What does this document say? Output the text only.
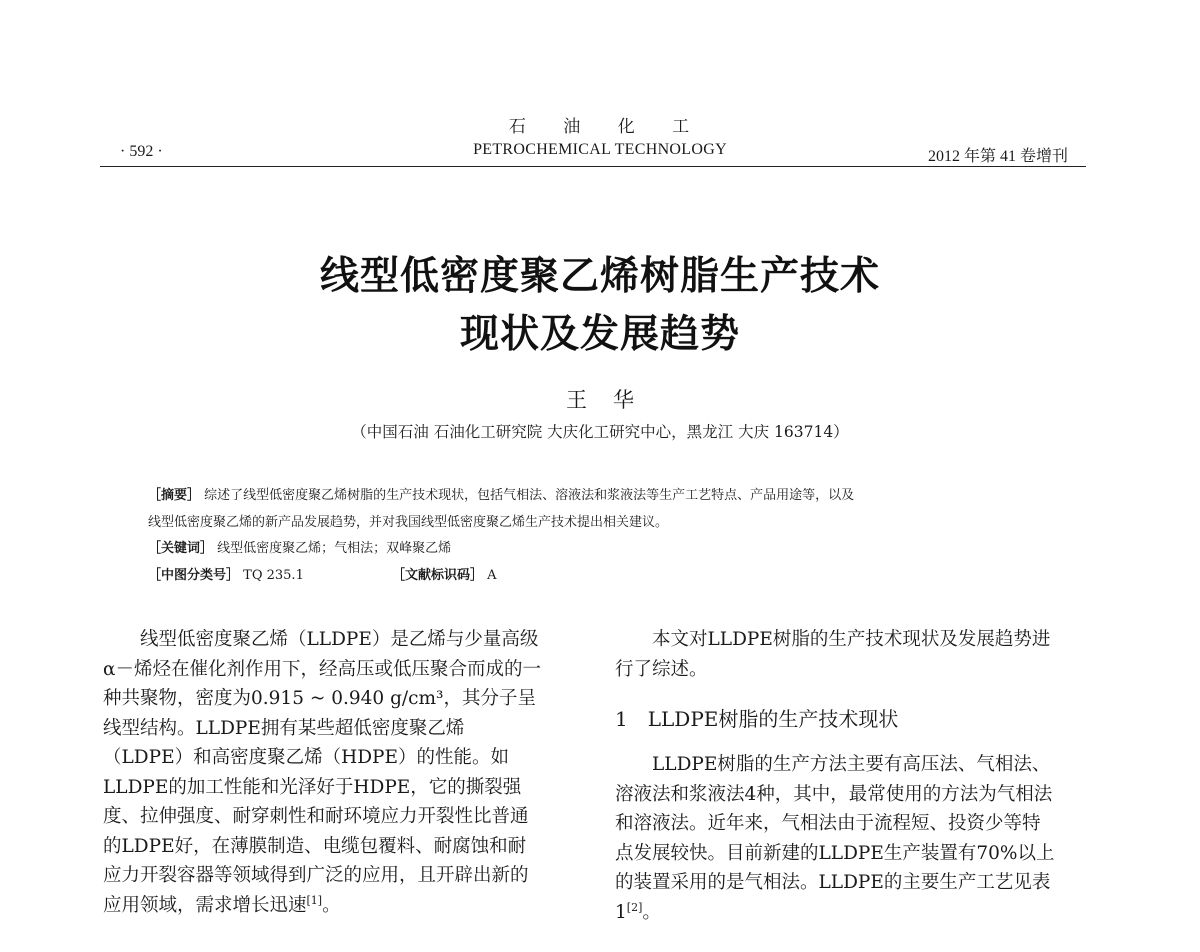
石 油 化 工
PETROCHEMICAL TECHNOLOGY
· 592 ·	2012 年第 41 卷增刊
线型低密度聚乙烯树脂生产技术
现状及发展趋势
王华
（中国石油 石油化工研究院 大庆化工研究中心，黑龙江 大庆 163714）
［摘要］ 综述了线型低密度聚乙烯树脂的生产技术现状，包括气相法、溶液法和浆液法等生产工艺特点、产品用途等，以及
线型低密度聚乙烯的新产品发展趋势，并对我国线型低密度聚乙烯生产技术提出相关建议。
［关键词］ 线型低密度聚乙烯；气相法；双峰聚乙烯
［中图分类号］ TQ 235.1	［文献标识码］ A

线型低密度聚乙烯（LLDPE）是乙烯与少量高级 α－烯烃在催化剂作用下，经高压或低压聚合而成的一种共聚物，密度为0.915 ~ 0.940 g/cm³，其分子呈线型结构。LLDPE拥有某些超低密度聚乙烯（LDPE）和高密度聚乙烯（HDPE）的性能。如LLDPE的加工性能和光泽好于HDPE，它的撕裂强度、拉伸强度、耐穿刺性和耐环境应力开裂性比普通的LDPE好，在薄膜制造、电缆包覆料、耐腐蚀和耐应力开裂容器等领域得到广泛的应用，且开辟出新的应用领域，需求增长迅速[1]。

本文对LLDPE树脂的生产技术现状及发展趋势进行了综述。

1　LLDPE树脂的生产技术现状

LLDPE树脂的生产方法主要有高压法、气相法、溶液法和浆液法4种，其中，最常使用的方法为气相法和溶液法。近年来，气相法由于流程短、投资少等特点发展较快。目前新建的LLDPE生产装置有70%以上的装置采用的是气相法。LLDPE的主要生产工艺见表1[2]。
